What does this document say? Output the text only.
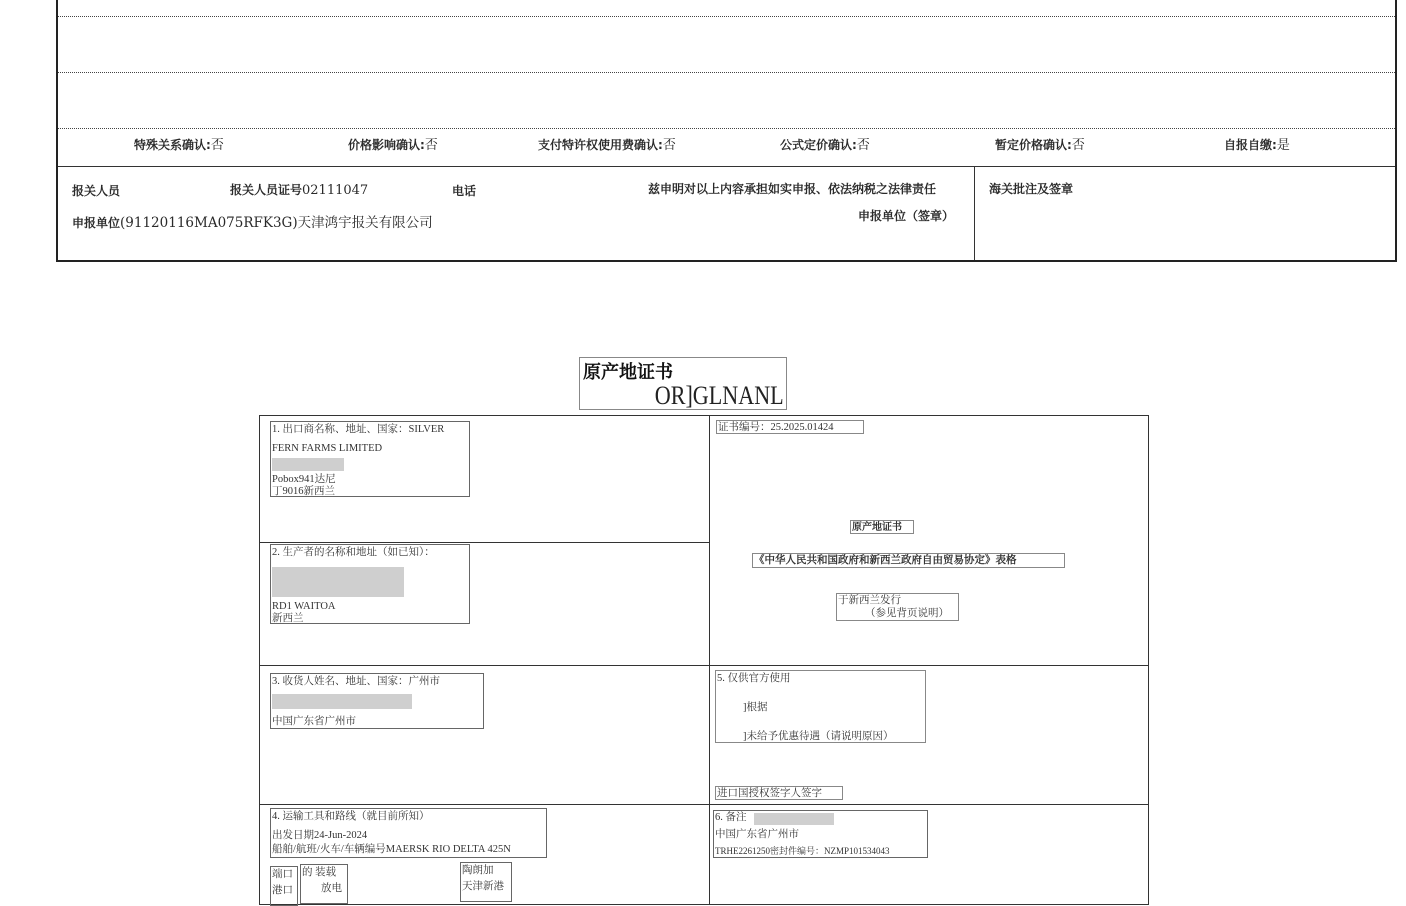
特殊关系确认:否	价格影响确认:否	支付特许权使用费确认:否	公式定价确认:否	暂定价格确认:否	自报自缴:是
报关人员	报关人员证号02111047	电话	兹申明对以上内容承担如实申报、依法纳税之法律责任
申报单位（签章）
海关批注及签章
申报单位(91120116MA075RFK3G)天津鸿宇报关有限公司
原产地证书
OR]GLNANL
1. 出口商名称、地址、国家：SILVER
FERN FARMS LIMITED
Pobox941达尼
丁9016新西兰
证书编号：25.2025.01424
原产地证书
《中华人民共和国政府和新西兰政府自由贸易协定》表格
于新西兰发行
（参见背页说明）
2. 生产者的名称和地址（如已知）：
RD1 WAITOA
新西兰
3. 收货人姓名、地址、国家：广州市
中国广东省广州市
5. 仅供官方使用
]根据
]未给予优惠待遇（请说明原因）
进口国授权签字人签字
4. 运输工具和路线（就目前所知）
出发日期24-Jun-2024
船舶/航班/火车/车辆编号MAERSK RIO DELTA 425N
端口
港口
的 装载
放电
陶朗加
天津新港
6. 备注
中国广东省广州市
TRHE2261250密封件编号：NZMP101534043
